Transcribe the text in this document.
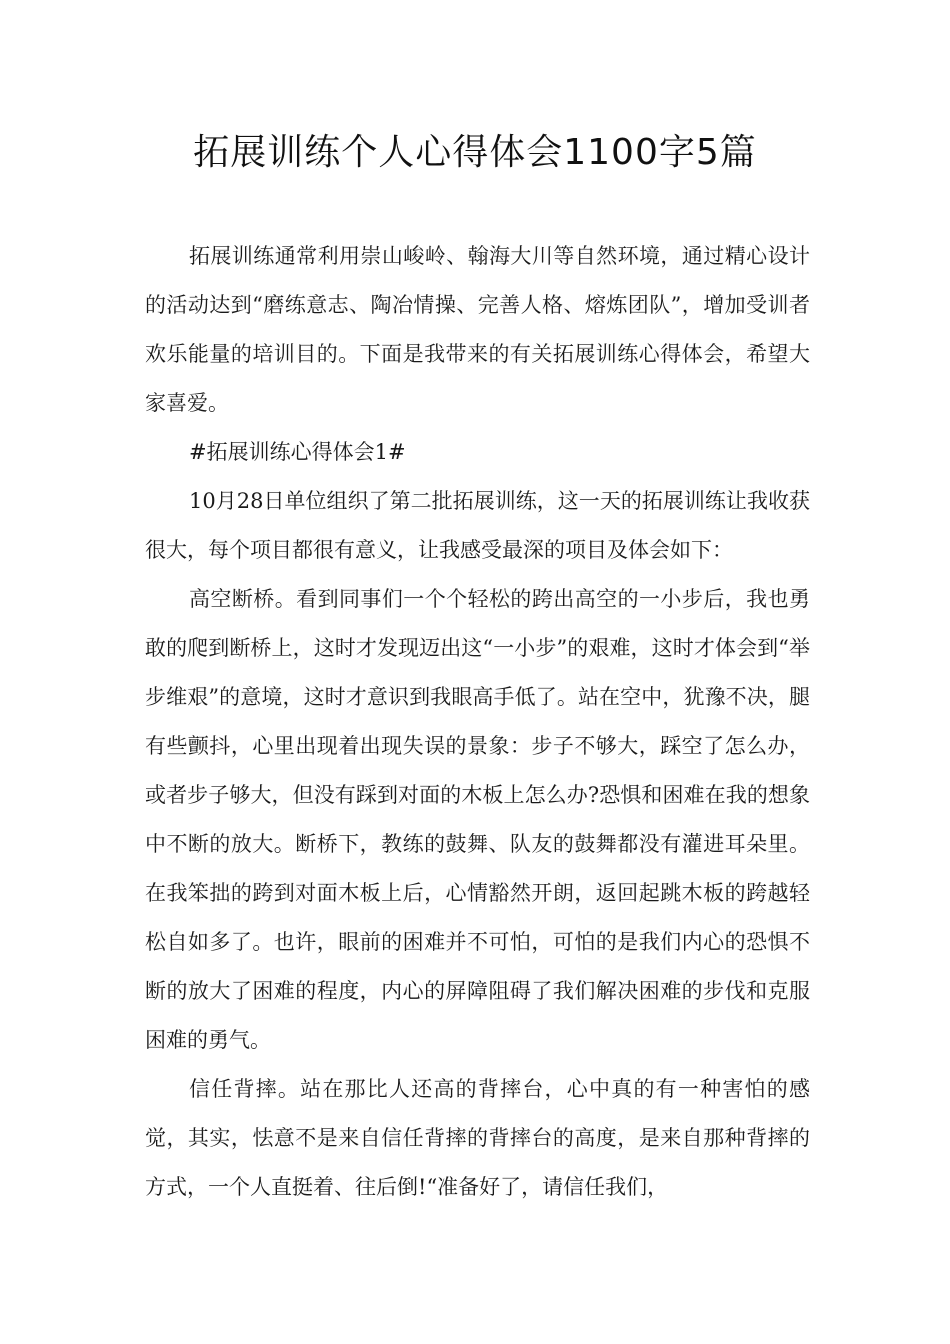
拓展训练个人心得体会1100字5篇

拓展训练通常利用崇山峻岭、翰海大川等自然环境，通过精心设计的活动达到“磨练意志、陶冶情操、完善人格、熔炼团队”，增加受训者欢乐能量的培训目的。下面是我带来的有关拓展训练心得体会，希望大家喜爱。

#拓展训练心得体会1#

10月28日单位组织了第二批拓展训练，这一天的拓展训练让我收获很大，每个项目都很有意义，让我感受最深的项目及体会如下：

高空断桥。看到同事们一个个轻松的跨出高空的一小步后，我也勇敢的爬到断桥上，这时才发现迈出这“一小步”的艰难，这时才体会到“举步维艰”的意境，这时才意识到我眼高手低了。站在空中，犹豫不决，腿有些颤抖，心里出现着出现失误的景象：步子不够大，踩空了怎么办，或者步子够大，但没有踩到对面的木板上怎么办?恐惧和困难在我的想象中不断的放大。断桥下，教练的鼓舞、队友的鼓舞都没有灌进耳朵里。在我笨拙的跨到对面木板上后，心情豁然开朗，返回起跳木板的跨越轻松自如多了。也许，眼前的困难并不可怕，可怕的是我们内心的恐惧不断的放大了困难的程度，内心的屏障阻碍了我们解决困难的步伐和克服困难的勇气。

信任背摔。站在那比人还高的背摔台，心中真的有一种害怕的感觉，其实，怯意不是来自信任背摔的背摔台的高度，是来自那种背摔的方式，一个人直挺着、往后倒!“准备好了，请信任我们，
